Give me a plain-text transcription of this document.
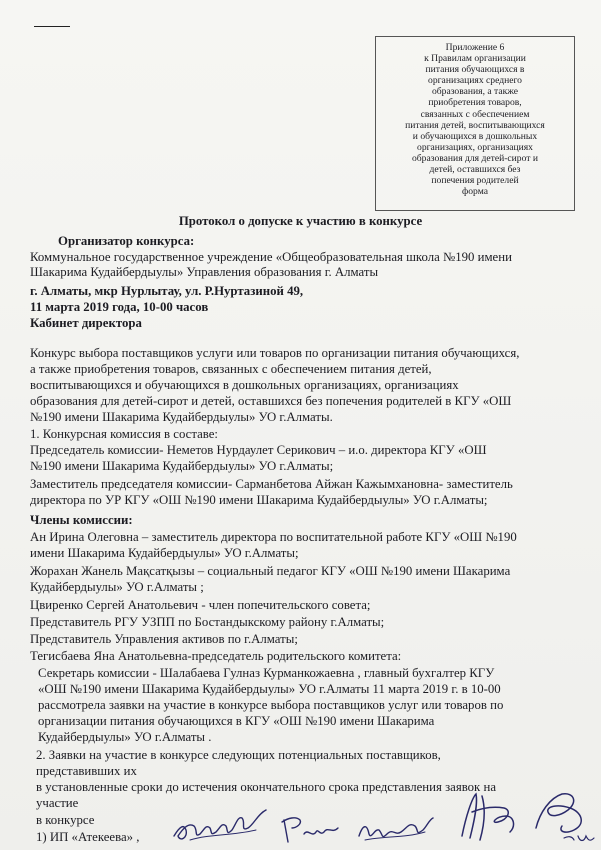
Приложение 6
к Правилам организации
питания обучающихся в
организациях среднего
образования, а также
приобретения товаров,
связанных с обеспечением
питания детей, воспитывающихся
и обучающихся в дошкольных
организациях, организациях
образования для детей-сирот и
детей, оставшихся без
попечения родителей
форма
Протокол о допуске к участию в конкурсе
Организатор конкурса:
Коммунальное государственное учреждение «Общеобразовательная школа №190 имени
Шакарима Кудайбердыулы» Управления образования г. Алматы
г. Алматы, мкр Нурлытау, ул. Р.Нуртазиной 49,
11 марта 2019 года, 10-00 часов
Кабинет директора
Конкурс выбора поставщиков услуги или товаров по организации питания обучающихся,
а также приобретения товаров, связанных с обеспечением питания детей,
воспитывающихся и обучающихся в дошкольных организациях, организациях
образования для детей-сирот и детей, оставшихся без попечения родителей в КГУ «ОШ
№190 имени Шакарима Кудайбердыулы» УО г.Алматы.
1. Конкурсная комиссия в составе:
Председатель комиссии- Неметов Нурдаулет Серикович – и.о. директора КГУ «ОШ
№190 имени Шакарима Кудайбердыулы» УО г.Алматы;
Заместитель председателя комиссии- Сарманбетова Айжан Кажымхановна- заместитель
директора по УР КГУ «ОШ №190 имени Шакарима Кудайбердыулы» УО г.Алматы;
Члены комиссии:
Ан Ирина Олеговна – заместитель директора по воспитательной работе КГУ «ОШ №190
имени Шакарима Кудайбердыулы» УО г.Алматы;
Жорахан Жанель Мақсатқызы – социальный педагог КГУ «ОШ №190 имени Шакарима
Кудайбердыулы» УО г.Алматы ;
Цвиренко Сергей Анатольевич - член попечительского совета;
Представитель РГУ УЗПП по Бостандыкскому району г.Алматы;
Представитель Управления активов по г.Алматы;
Тегисбаева Яна Анатольевна-председатель родительского комитета:
Секретарь комиссии - Шалабаева Гулназ Курманкожаевна , главный бухгалтер КГУ
«ОШ №190 имени Шакарима Кудайбердыулы» УО г.Алматы 11 марта 2019 г. в 10-00
рассмотрела заявки на участие в конкурсе выбора поставщиков услуг или товаров по
организации питания обучающихся в КГУ «ОШ №190 имени Шакарима
Кудайбердыулы» УО г.Алматы .
2. Заявки на участие в конкурсе следующих потенциальных поставщиков,
представивших их
в установленные сроки до истечения окончательного срока представления заявок на
участие
в конкурсе
1) ИП «Атекеева» ,
